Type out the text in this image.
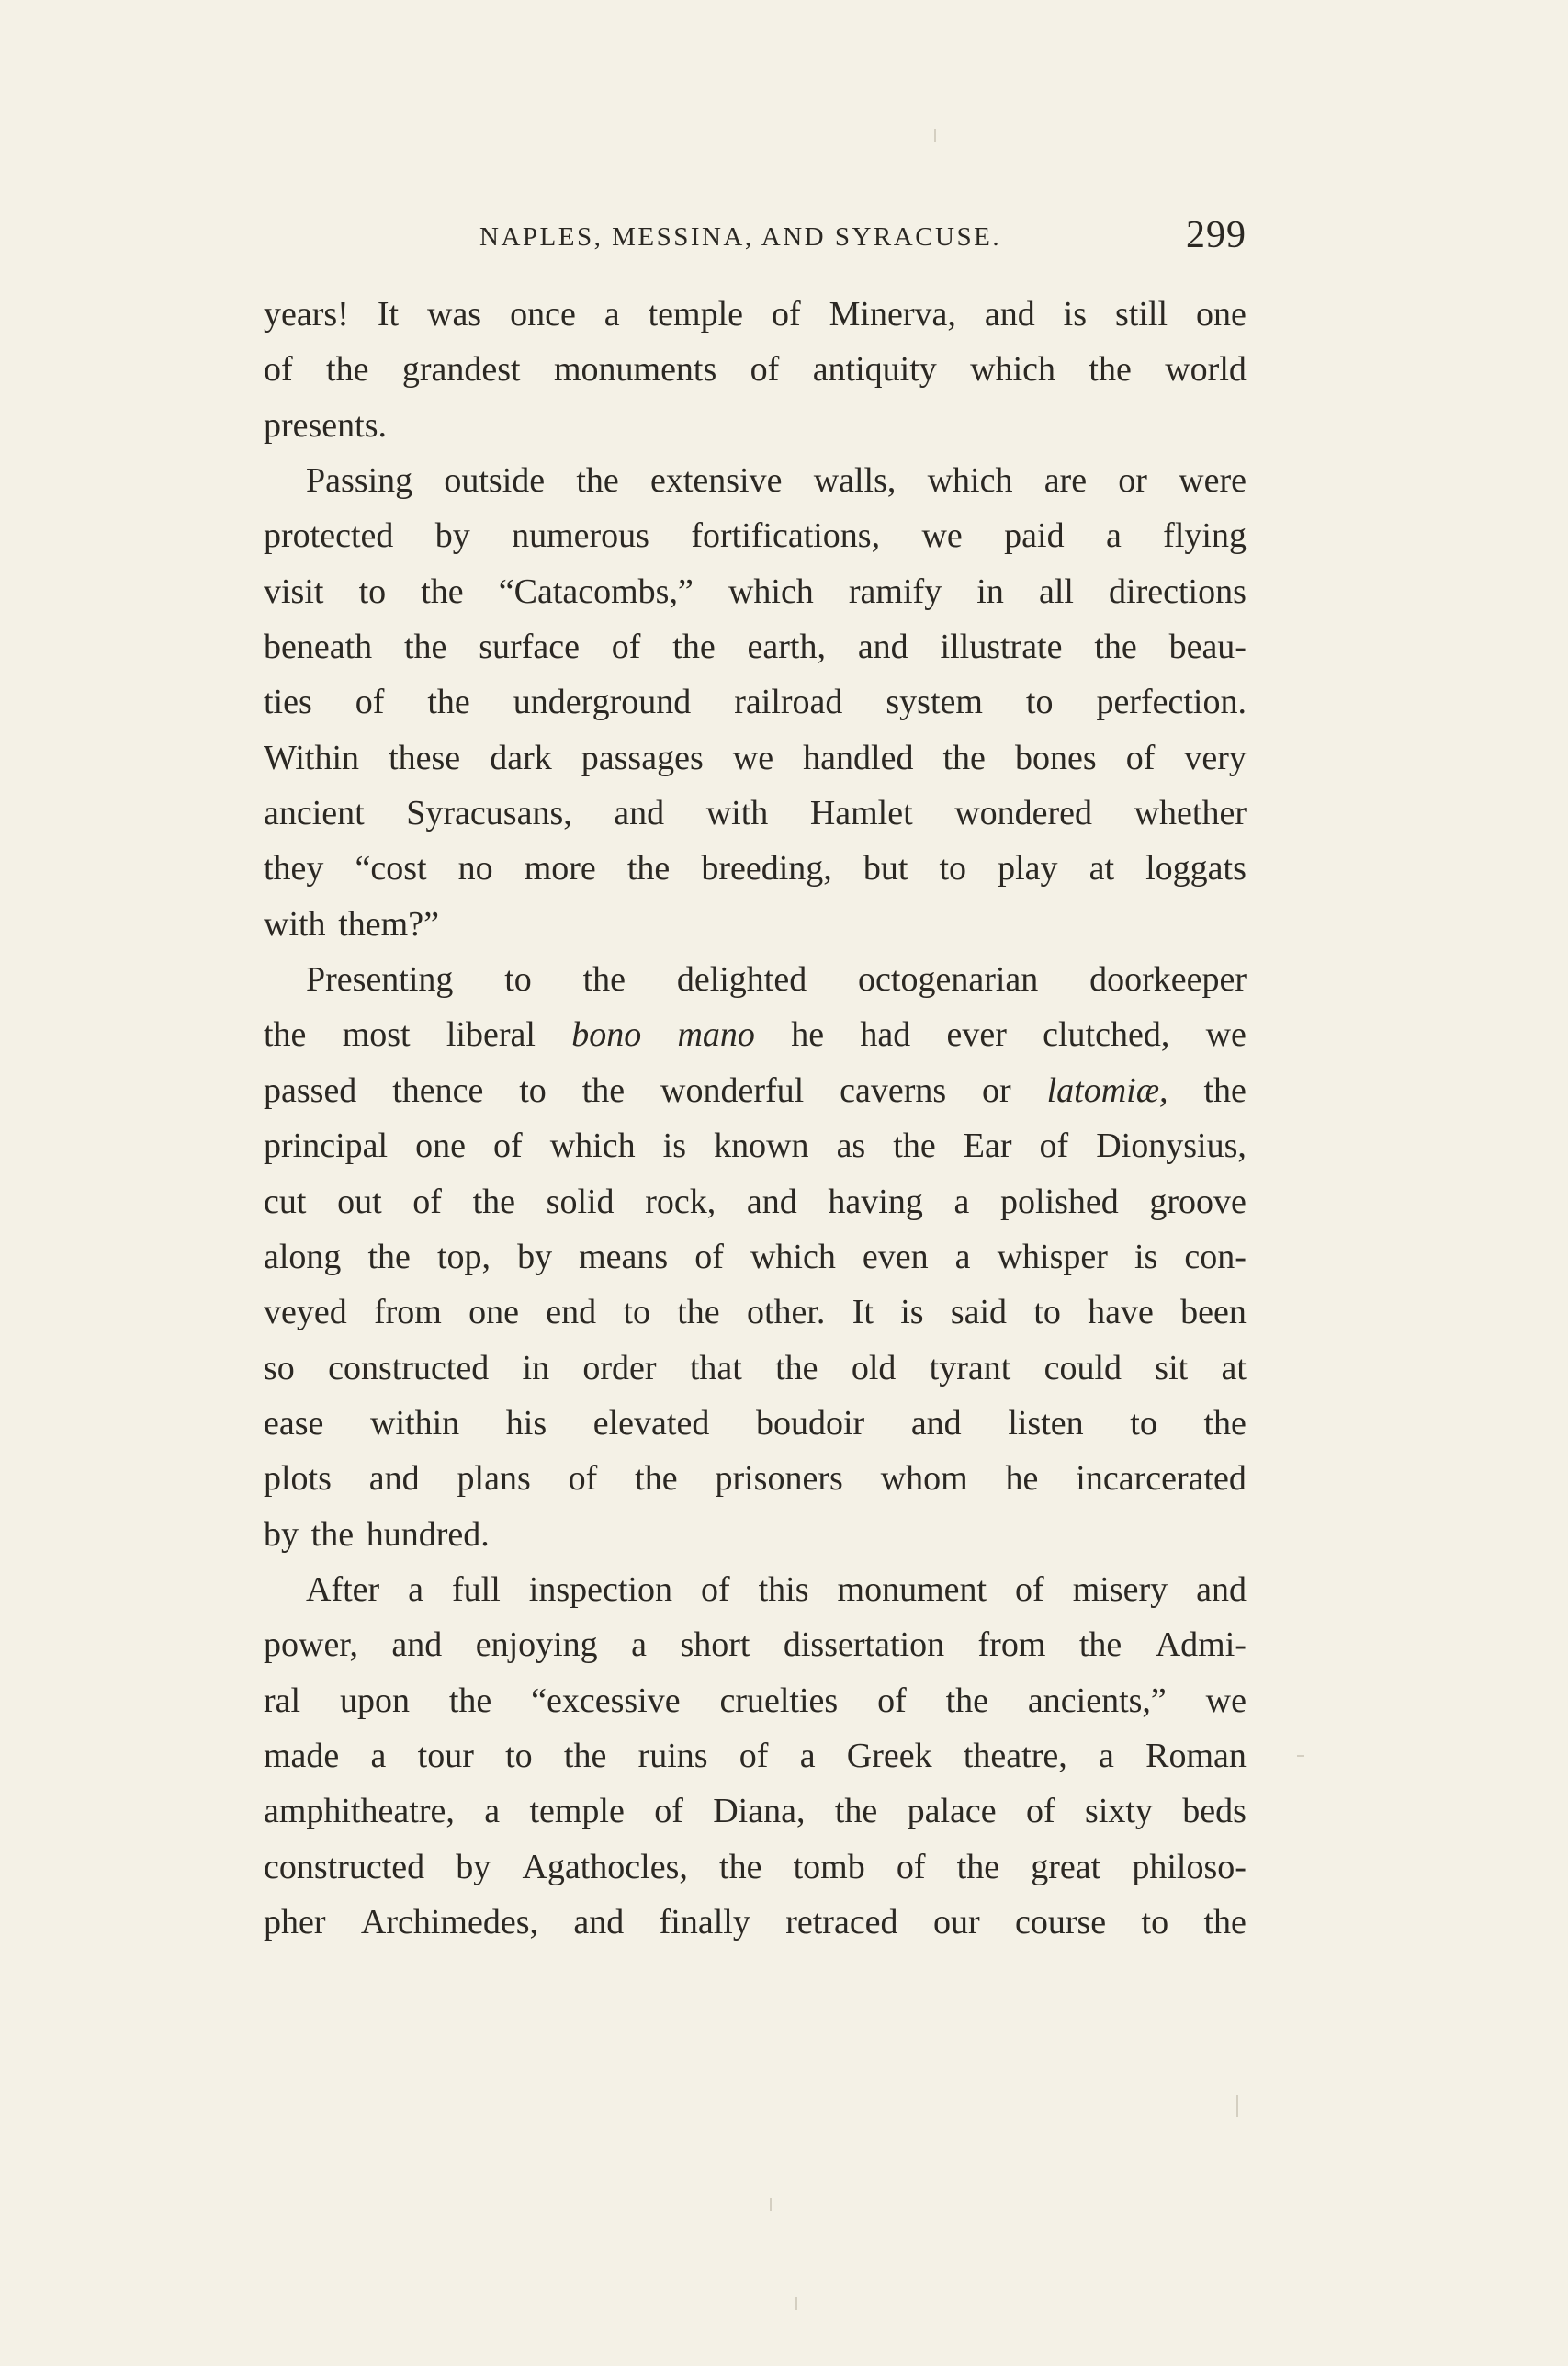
NAPLES, MESSINA, AND SYRACUSE.	299
years! It was once a temple of Minerva, and is still one
of the grandest monuments of antiquity which the world
presents.
Passing outside the extensive walls, which are or were
protected by numerous fortifications, we paid a flying
visit to the “Catacombs,” which ramify in all directions
beneath the surface of the earth, and illustrate the beau-
ties of the underground railroad system to perfection.
Within these dark passages we handled the bones of very
ancient Syracusans, and with Hamlet wondered whether
they “cost no more the breeding, but to play at loggats
with them?”
Presenting to the delighted octogenarian doorkeeper
the most liberal bono mano he had ever clutched, we
passed thence to the wonderful caverns or latomiæ, the
principal one of which is known as the Ear of Dionysius,
cut out of the solid rock, and having a polished groove
along the top, by means of which even a whisper is con-
veyed from one end to the other. It is said to have been
so constructed in order that the old tyrant could sit at
ease within his elevated boudoir and listen to the
plots and plans of the prisoners whom he incarcerated
by the hundred.
After a full inspection of this monument of misery and
power, and enjoying a short dissertation from the Admi-
ral upon the “excessive cruelties of the ancients,” we
made a tour to the ruins of a Greek theatre, a Roman
amphitheatre, a temple of Diana, the palace of sixty beds
constructed by Agathocles, the tomb of the great philoso-
pher Archimedes, and finally retraced our course to the
